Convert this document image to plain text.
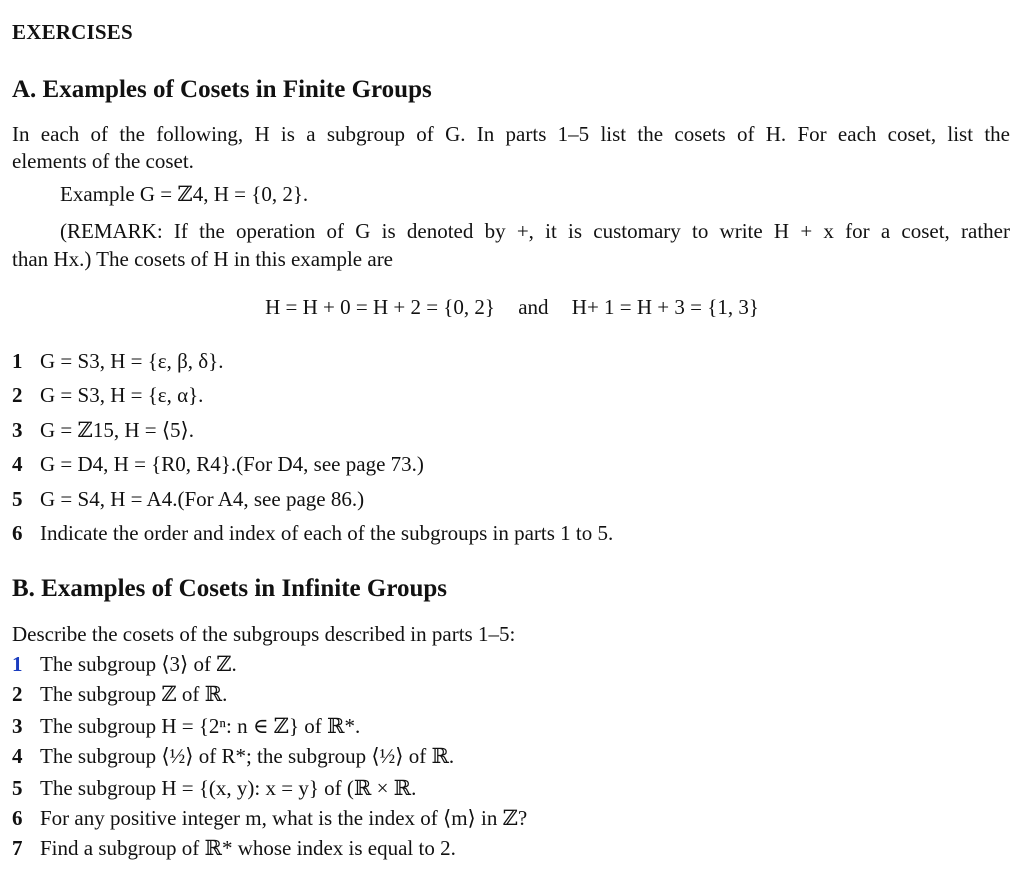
EXERCISES
A. Examples of Cosets in Finite Groups
In each of the following, H is a subgroup of G. In parts 1–5 list the cosets of H. For each coset, list the
elements of the coset.
Example G = ℤ4, H = {0, 2}.
(REMARK: If the operation of G is denoted by +, it is customary to write H + x for a coset, rather
than Hx.) The cosets of H in this example are
H = H + 0 = H + 2 = {0, 2} and H+ 1 = H + 3 = {1, 3}
1 G = S3, H = {ε, β, δ}.
2 G = S3, H = {ε, α}.
3 G = ℤ15, H = ⟨5⟩.
4 G = D4, H = {R0, R4}.(For D4, see page 73.)
5 G = S4, H = A4.(For A4, see page 86.)
6 Indicate the order and index of each of the subgroups in parts 1 to 5.
B. Examples of Cosets in Infinite Groups
Describe the cosets of the subgroups described in parts 1–5:
1 The subgroup ⟨3⟩ of ℤ.
2 The subgroup ℤ of ℝ.
3 The subgroup H = {2ⁿ: n ∈ ℤ} of ℝ*.
4 The subgroup ⟨½⟩ of R*; the subgroup ⟨½⟩ of ℝ.
5 The subgroup H = {(x, y): x = y} of (ℝ × ℝ.
6 For any positive integer m, what is the index of ⟨m⟩ in ℤ?
7 Find a subgroup of ℝ* whose index is equal to 2.
